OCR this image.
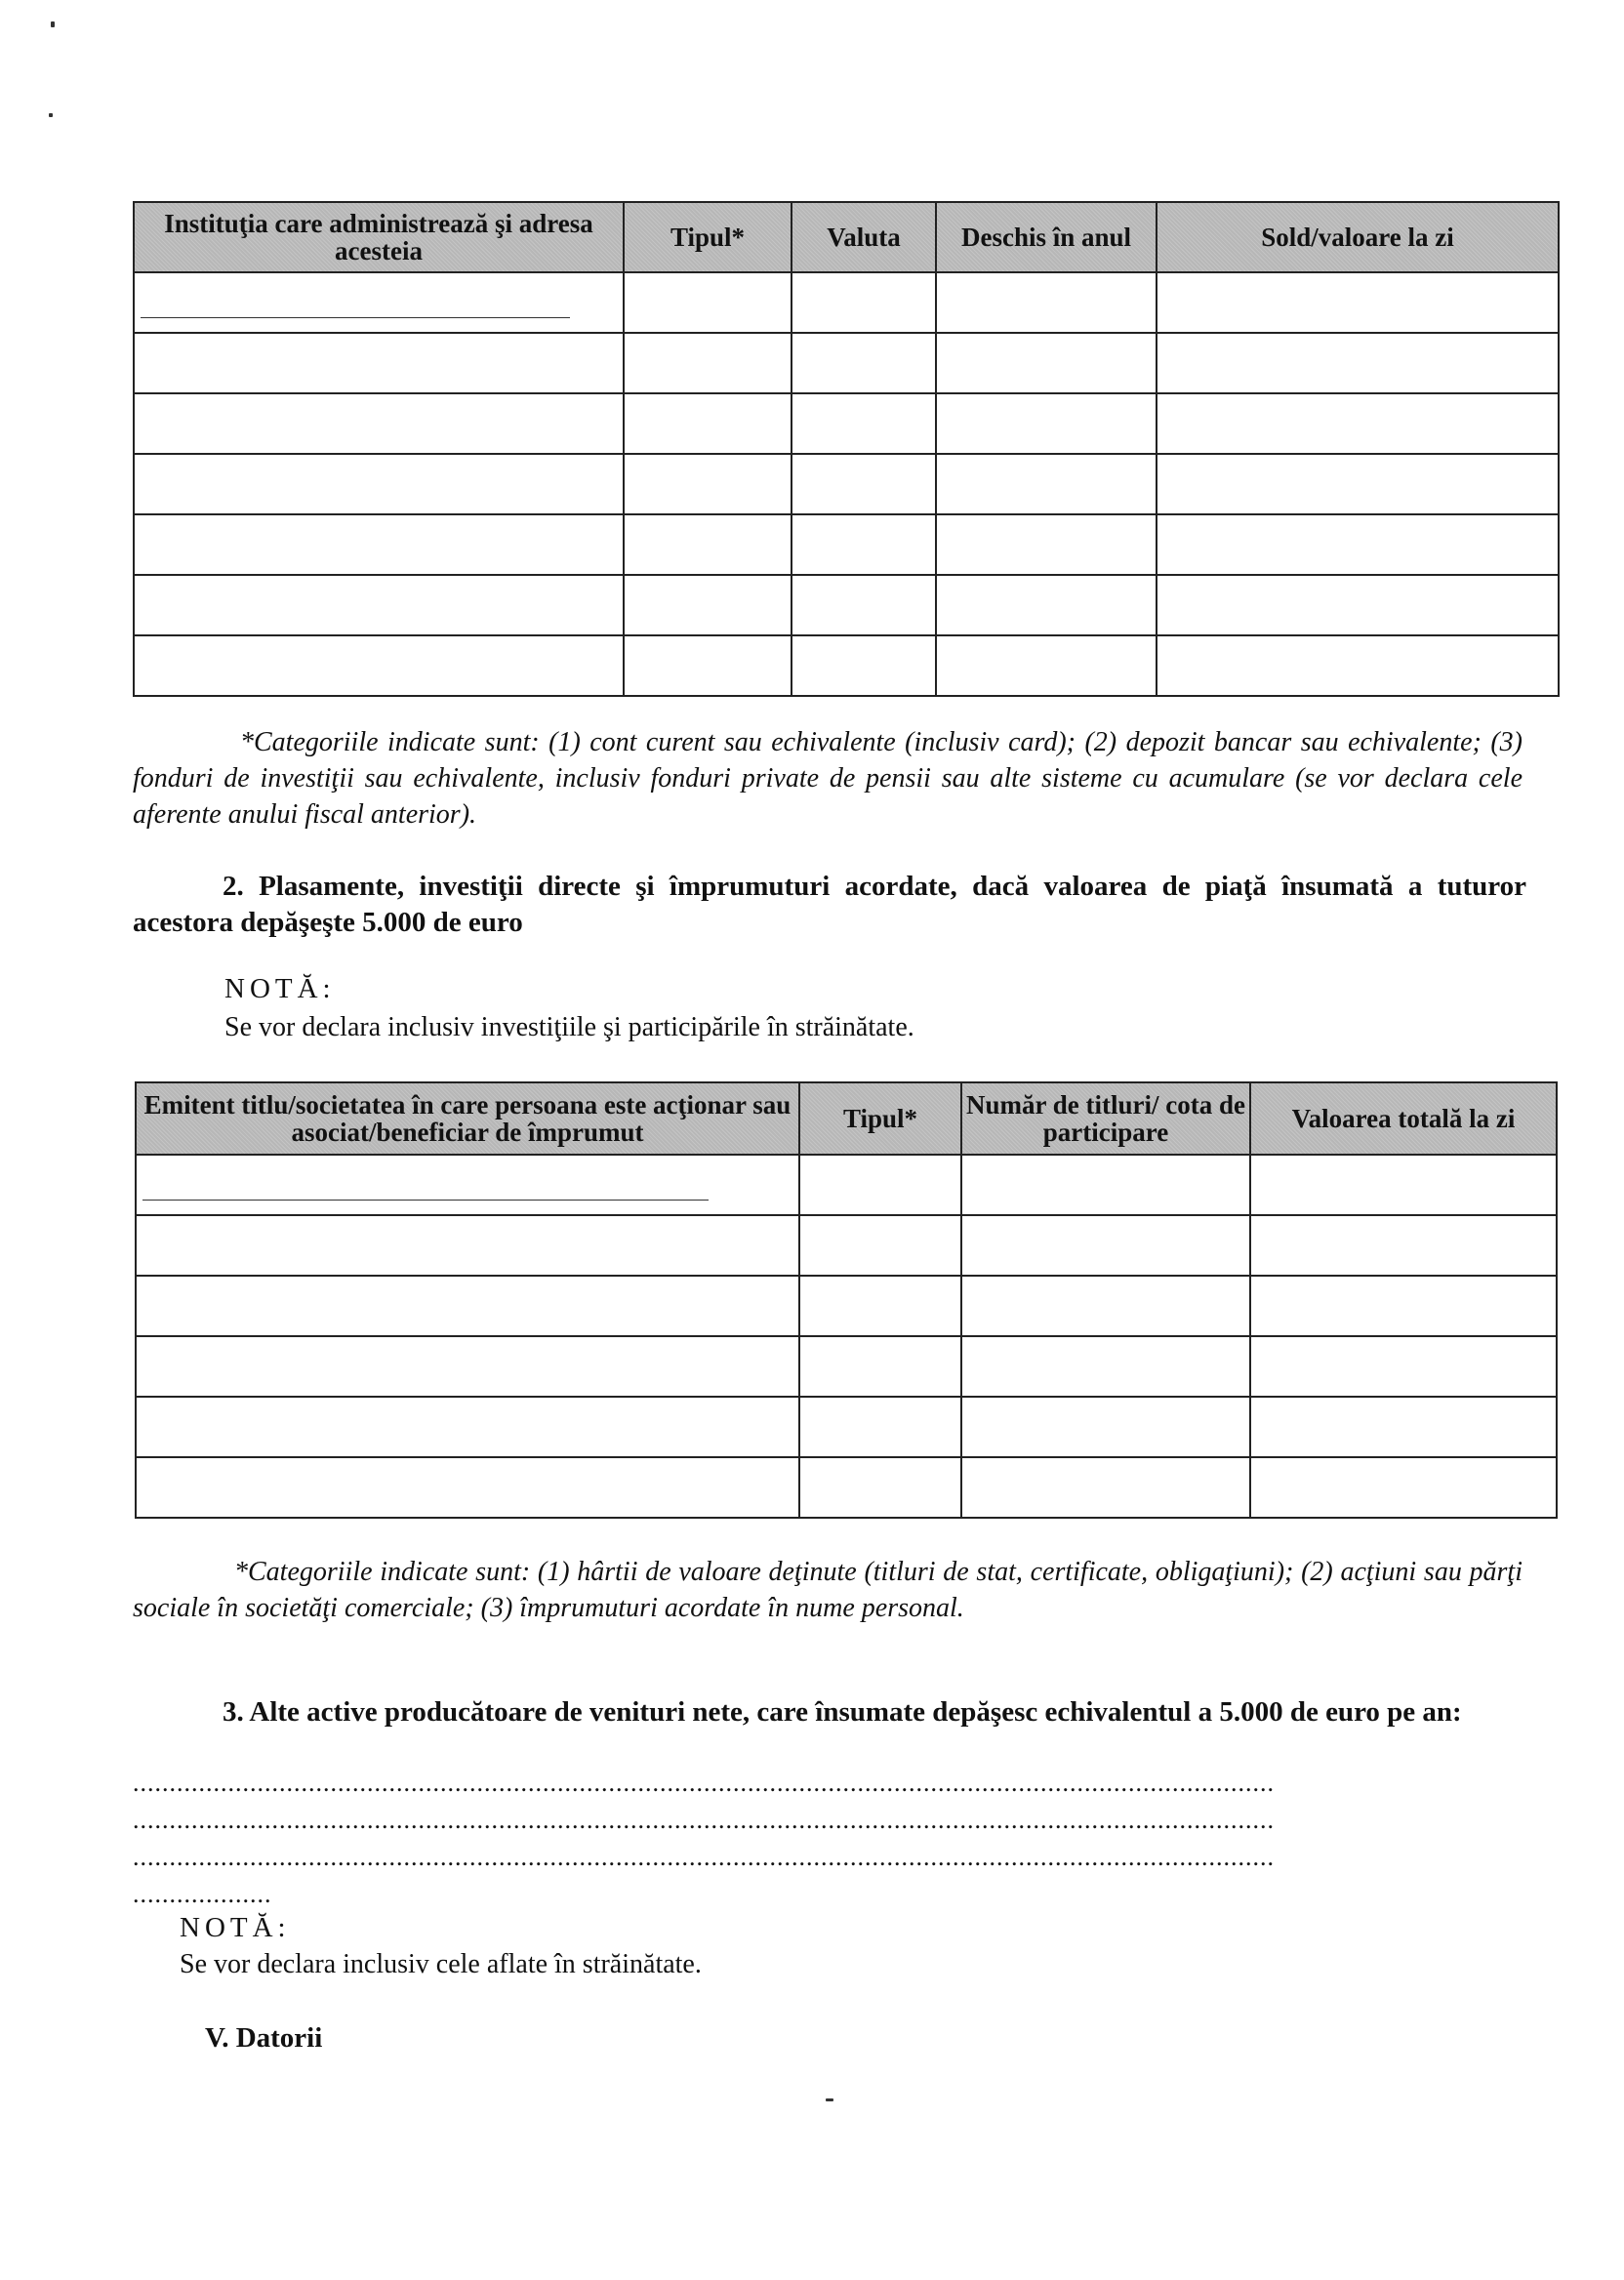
Instituţia care administrează şi adresa acesteia	Tipul*	Valuta	Deschis în anul	Sold/valoare la zi

*Categoriile indicate sunt: (1) cont curent sau echivalente (inclusiv card); (2) depozit bancar sau echivalente; (3) fonduri de investiţii sau echivalente, inclusiv fonduri private de pensii sau alte sisteme cu acumulare (se vor declara cele aferente anului fiscal anterior).
2. Plasamente, investiţii directe şi împrumuturi acordate, dacă valoarea de piaţă însumată a tuturor acestora depăşeşte 5.000 de euro
NOTĂ:
Se vor declara inclusiv investiţiile şi participările în străinătate.
Emitent titlu/societatea în care persoana este acţionar sau asociat/beneficiar de împrumut	Tipul*	Număr de titluri/ cota de participare	Valoarea totală la zi

*Categoriile indicate sunt: (1) hârtii de valoare deţinute (titluri de stat, certificate, obligaţiuni); (2) acţiuni sau părţi sociale în societăţi comerciale; (3) împrumuturi acordate în nume personal.
3. Alte active producătoare de venituri nete, care însumate depăşesc echivalentul a 5.000 de euro pe an:
............................................................................................................................................................
............................................................................................................................................................
............................................................................................................................................................
...................
NOTĂ:
Se vor declara inclusiv cele aflate în străinătate.
V. Datorii
